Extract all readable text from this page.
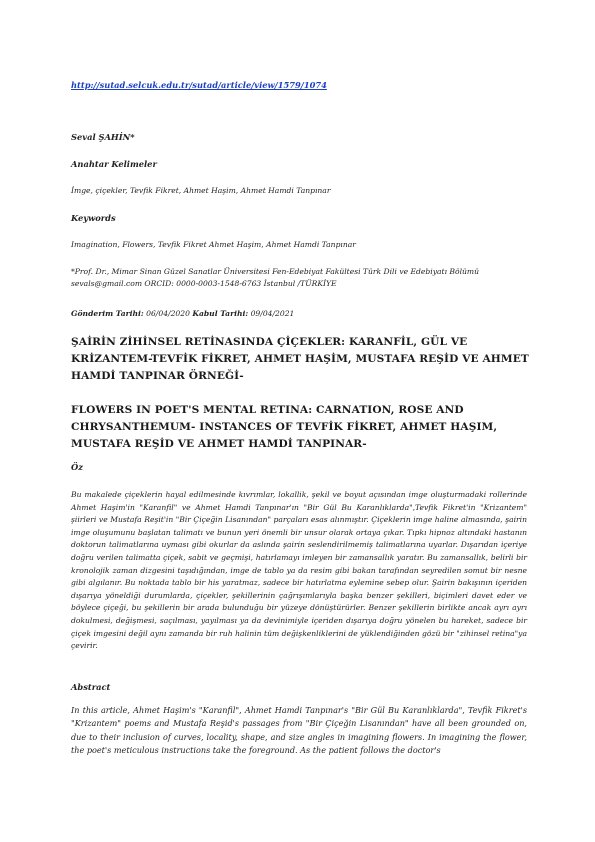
http://sutad.selcuk.edu.tr/sutad/article/view/1579/1074
Seval ŞAHİN*
Anahtar Kelimeler
İmge, çiçekler, Tevfik Fikret, Ahmet Haşim, Ahmet Hamdi Tanpınar
Keywords
Imagination, Flowers, Tevfik Fikret Ahmet Haşim, Ahmet Hamdi Tanpınar
*Prof. Dr., Mimar Sinan Güzel Sanatlar Üniversitesi Fen-Edebiyat Fakültesi Türk Dili ve Edebiyatı Bölümü
sevals@gmail.com ORCID: 0000-0003-1548-6763 İstanbul /TÜRKİYE
Gönderim Tarihi: 06/04/2020 Kabul Tarihi: 09/04/2021
ŞAİRİN ZİHİNSEL RETİNASINDA ÇİÇEKLER: KARANFİL, GÜL VE KRİZANTEM-TEVFİK FİKRET, AHMET HAŞİM, MUSTAFA REŞİD VE AHMET HAMDİ TANPINAR ÖRNEĞİ-
FLOWERS IN POET'S MENTAL RETINA: CARNATION, ROSE AND CHRYSANTHEMUM- INSTANCES OF TEVFİK FİKRET, AHMET HAŞIM, MUSTAFA REŞİD VE AHMET HAMDİ TANPINAR-
Öz
Bu makalede çiçeklerin hayal edilmesinde kıvrımlar, lokallik, şekil ve boyut açısından imge oluşturmadaki rollerinde Ahmet Haşim'in "Karanfil" ve Ahmet Hamdi Tanpınar'ın "Bir Gül Bu Karanlıklarda",Tevfik Fikret'in "Krizantem" şiirleri ve Mustafa Reşit'in "Bir Çiçeğin Lisanından" parçaları esas alınmıştır. Çiçeklerin imge haline almasında, şairin imge oluşumunu başlatan talimatı ve bunun yeri önemli bir unsur olarak ortaya çıkar. Tıpkı hipnoz altındaki hastanın doktorun talimatlarına uyması gibi okurlar da aslında şairin seslendirilmemiş talimatlarına uyarlar. Dışarıdan içeriye doğru verilen talimatta çiçek, sabit ve geçmişi, hatırlamayı imleyen bir zamansallık yaratır. Bu zamansallık, belirli bir kronolojik zaman dizgesini taşıdığından, imge de tablo ya da resim gibi bakan tarafından seyredilen somut bir nesne gibi algılanır. Bu noktada tablo bir his yaratmaz, sadece bir hatırlatma eylemine sebep olur. Şairin bakışının içeriden dışarıya yöneldiği durumlarda, çiçekler, şekillerinin çağrışımlarıyla başka benzer şekilleri, biçimleri davet eder ve böylece çiçeği, bu şekillerin bir arada bulunduğu bir yüzeye dönüştürürler. Benzer şekillerin birlikte ancak ayrı ayrı dokulmesi, değişmesi, saçılması, yayılması ya da devinimiyle içeriden dışarıya doğru yönelen bu hareket, sadece bir çiçek imgesini değil aynı zamanda bir ruh halinin tüm değişkenliklerini de yüklendiğinden gözü bir "zihinsel retina"ya çevirir.
Abstract
In this article, Ahmet Haşim's "Karanfil", Ahmet Hamdi Tanpınar's "Bir Gül Bu Karanlıklarda", Tevfik Fikret's "Krizantem" poems and Mustafa Reşid's passages from "Bir Çiçeğin Lisanından" have all been grounded on, due to their inclusion of curves, locality, shape, and size angles in imagining flowers. In imagining the flower, the poet's meticulous instructions take the foreground. As the patient follows the doctor's
